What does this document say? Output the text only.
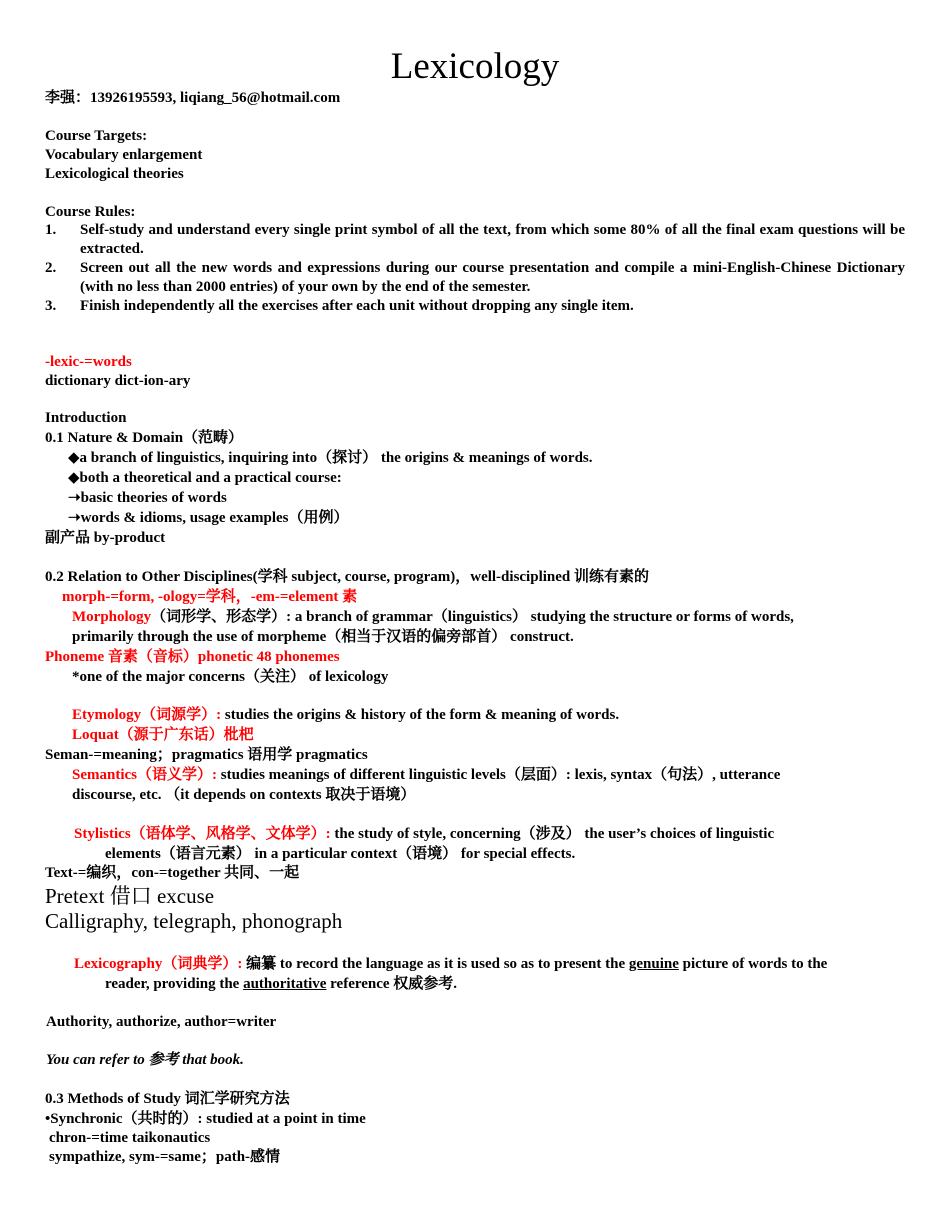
Lexicology
李强：13926195593, liqiang_56@hotmail.com
Course Targets:
Vocabulary enlargement
Lexicological theories
Course Rules:
1. Self-study and understand every single print symbol of all the text, from which some 80% of all the final exam questions will be extracted.
2. Screen out all the new words and expressions during our course presentation and compile a mini-English-Chinese Dictionary (with no less than 2000 entries) of your own by the end of the semester.
3. Finish independently all the exercises after each unit without dropping any single item.
-lexic-=words
dictionary dict-ion-ary
Introduction
0.1 Nature & Domain（范畴）
◆a branch of linguistics, inquiring into（探讨） the origins & meanings of words.
◆both a theoretical and a practical course:
➝basic theories of words
➝words & idioms, usage examples（用例）
副产品 by-product
0.2 Relation to Other Disciplines(学科 subject, course, program)，well-disciplined 训练有素的
morph-=form, -ology=学科，-em-=element 素
Morphology（词形学、形态学）: a branch of grammar（linguistics） studying the structure or forms of words,
primarily through the use of morpheme（相当于汉语的偏旁部首） construct.
Phoneme 音素（音标）phonetic 48 phonemes
*one of the major concerns（关注） of lexicology
Etymology（词源学）: studies the origins & history of the form & meaning of words.
Loquat（源于广东话）枇杷
Seman-=meaning；pragmatics 语用学 pragmatics
Semantics（语义学）: studies meanings of different linguistic levels（层面）: lexis, syntax（句法）, utterance
discourse, etc. （it depends on contexts 取决于语境）
Stylistics（语体学、风格学、文体学）: the study of style, concerning（涉及） the user’s choices of linguistic
elements（语言元素） in a particular context（语境） for special effects.
Text-=编织，con-=together 共同、一起
Pretext 借口 excuse
Calligraphy, telegraph, phonograph
Lexicography（词典学）: 编纂 to record the language as it is used so as to present the genuine picture of words to the
reader, providing the authoritative reference 权威参考.
Authority, authorize, author=writer
You can refer to 参考 that book.
0.3 Methods of Study 词汇学研究方法
•Synchronic（共时的）: studied at a point in time
chron-=time taikonautics
sympathize, sym-=same；path-感情
